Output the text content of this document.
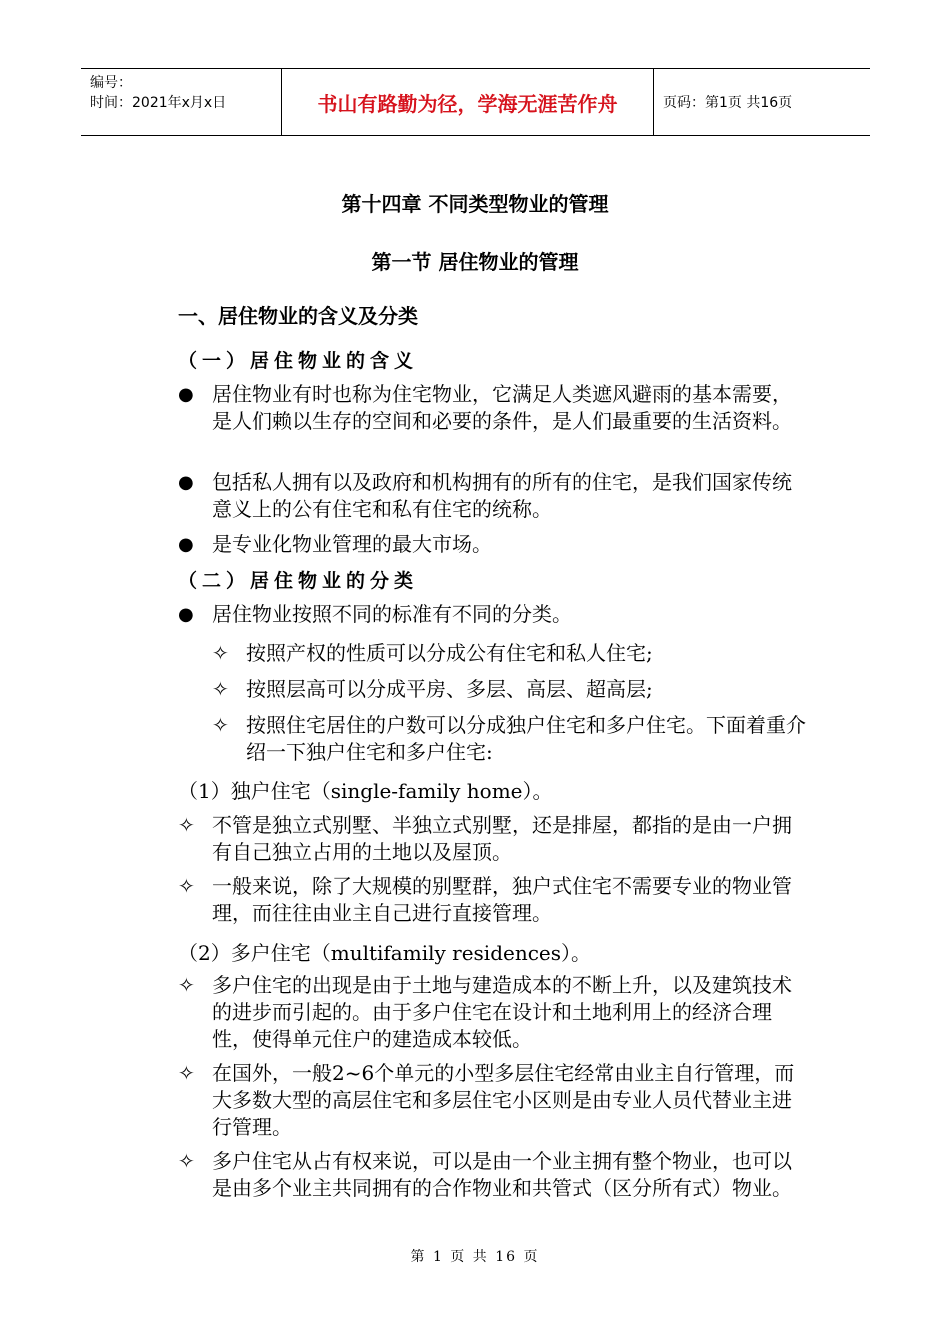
编号：
时间：2021年x月x日	书山有路勤为径，学海无涯苦作舟	页码：第1页 共16页
第十四章 不同类型物业的管理
第一节 居住物业的管理
一、居住物业的含义及分类
（一）居住物业的含义
● 居住物业有时也称为住宅物业，它满足人类遮风避雨的基本需要，是人们赖以生存的空间和必要的条件，是人们最重要的生活资料。
● 包括私人拥有以及政府和机构拥有的所有的住宅，是我们国家传统意义上的公有住宅和私有住宅的统称。
● 是专业化物业管理的最大市场。
（二）居住物业的分类
● 居住物业按照不同的标准有不同的分类。
✧ 按照产权的性质可以分成公有住宅和私人住宅;
✧ 按照层高可以分成平房、多层、高层、超高层;
✧ 按照住宅居住的户数可以分成独户住宅和多户住宅。下面着重介绍一下独户住宅和多户住宅:

（1）独户住宅（single-family home）。

✧ 不管是独立式别墅、半独立式别墅，还是排屋，都指的是由一户拥有自己独立占用的土地以及屋顶。
✧ 一般来说，除了大规模的别墅群，独户式住宅不需要专业的物业管理，而往往由业主自己进行直接管理。

（2）多户住宅（multifamily residences）。

✧ 多户住宅的出现是由于土地与建造成本的不断上升，以及建筑技术的进步而引起的。由于多户住宅在设计和土地利用上的经济合理性，使得单元住户的建造成本较低。
✧ 在国外，一般2~6个单元的小型多层住宅经常由业主自行管理，而大多数大型的高层住宅和多层住宅小区则是由专业人员代替业主进行管理。
✧ 多户住宅从占有权来说，可以是由一个业主拥有整个物业，也可以是由多个业主共同拥有的合作物业和共管式（区分所有式）物业。

第 1 页 共 16 页
